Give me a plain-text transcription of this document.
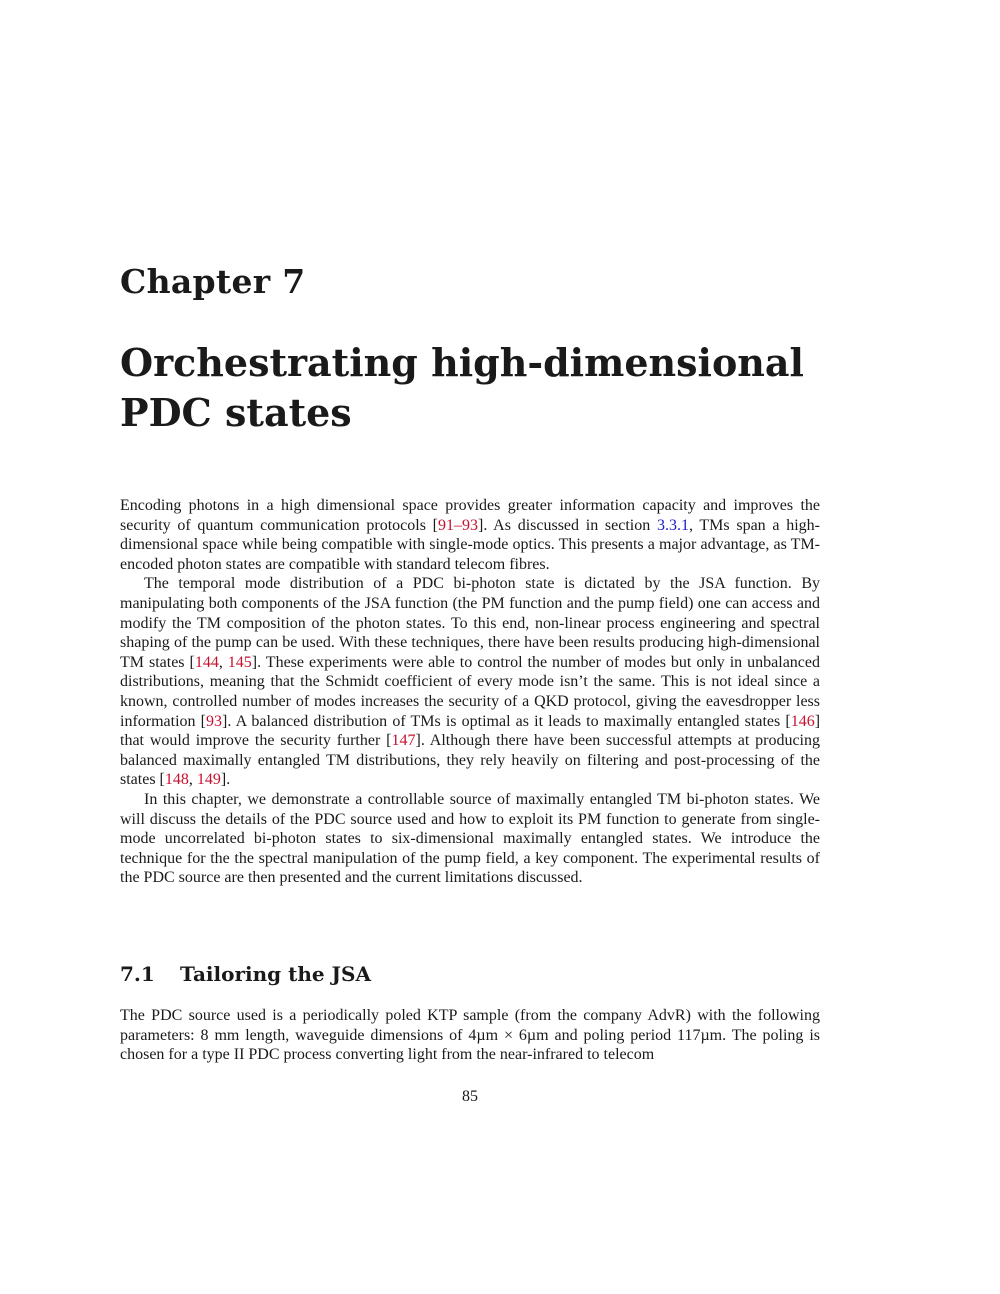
Chapter 7
Orchestrating high-dimensional PDC states

Encoding photons in a high dimensional space provides greater information capacity and improves the security of quantum communication protocols [91–93]. As discussed in section 3.3.1, TMs span a high-dimensional space while being compatible with single-mode optics. This presents a major advantage, as TM-encoded photon states are compatible with standard telecom fibres.

The temporal mode distribution of a PDC bi-photon state is dictated by the JSA function. By manipulating both components of the JSA function (the PM function and the pump field) one can access and modify the TM composition of the photon states. To this end, non-linear process engineering and spectral shaping of the pump can be used. With these techniques, there have been results producing high-dimensional TM states [144, 145]. These experiments were able to control the number of modes but only in unbalanced distributions, meaning that the Schmidt coefficient of every mode isn’t the same. This is not ideal since a known, controlled number of modes increases the security of a QKD protocol, giving the eavesdropper less information [93]. A balanced distribution of TMs is optimal as it leads to maximally entangled states [146] that would improve the security further [147]. Although there have been successful attempts at producing balanced maximally entangled TM distributions, they rely heavily on filtering and post-processing of the states [148, 149].

In this chapter, we demonstrate a controllable source of maximally entangled TM bi-photon states. We will discuss the details of the PDC source used and how to exploit its PM function to generate from single-mode uncorrelated bi-photon states to six-dimensional maximally entangled states. We introduce the technique for the the spectral manipulation of the pump field, a key component. The experimental results of the PDC source are then presented and the current limitations discussed.

7.1 Tailoring the JSA

The PDC source used is a periodically poled KTP sample (from the company AdvR) with the following parameters: 8 mm length, waveguide dimensions of 4µm × 6µm and poling period 117µm. The poling is chosen for a type II PDC process converting light from the near-infrared to telecom

85
